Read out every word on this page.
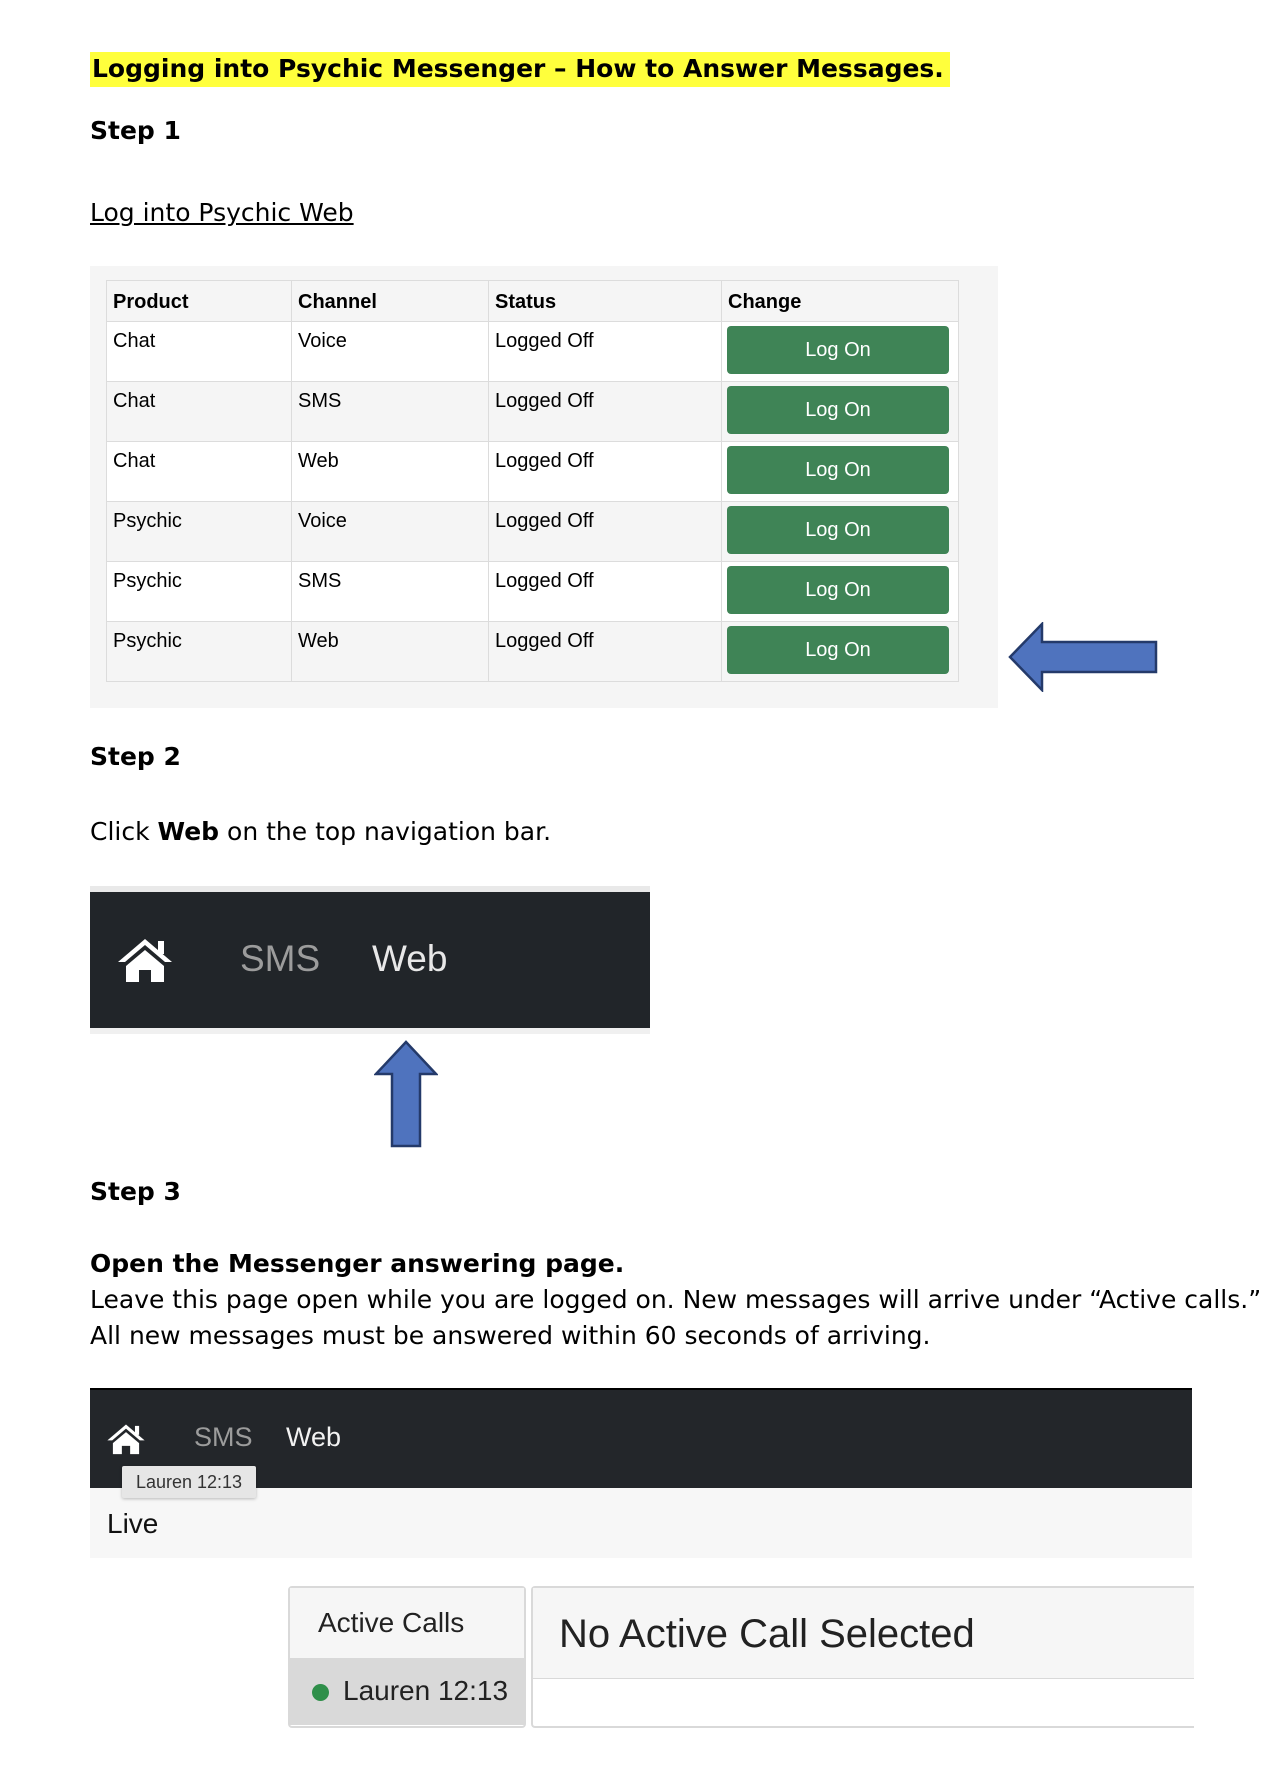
Logging into Psychic Messenger – How to Answer Messages.
Step 1
Log into Psychic Web
Product	Channel	Status	Change
Chat	Voice	Logged Off	Log On

Chat	SMS	Logged Off	Log On

Chat	Web	Logged Off	Log On

Psychic	Voice	Logged Off	Log On

Psychic	SMS	Logged Off	Log On

Psychic	Web	Logged Off	Log On
Step 2
Click Web on the top navigation bar.
SMS Web
Step 3
Open the Messenger answering page.
Leave this page open while you are logged on. New messages will arrive under “Active calls.”
All new messages must be answered within 60 seconds of arriving.
SMS Web
Live
Lauren 12:13
Active Calls
Lauren 12:13
No Active Call Selected
